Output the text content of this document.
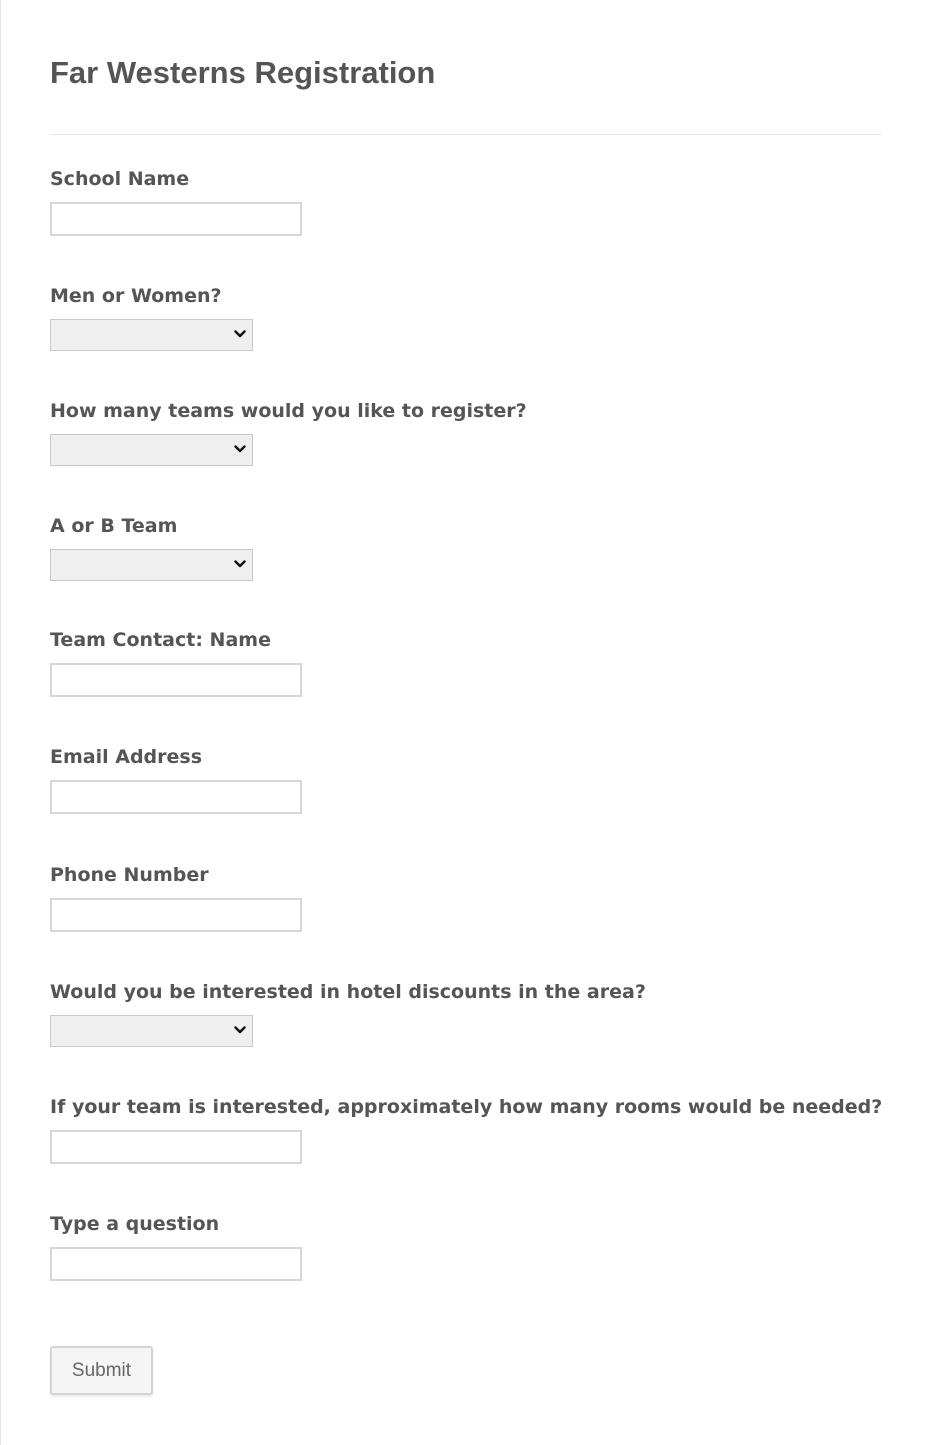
Far Westerns Registration
School Name
Men or Women?
How many teams would you like to register?
A or B Team
Team Contact: Name
Email Address
Phone Number
Would you be interested in hotel discounts in the area?
If your team is interested, approximately how many rooms would be needed?
Type a question
Submit
